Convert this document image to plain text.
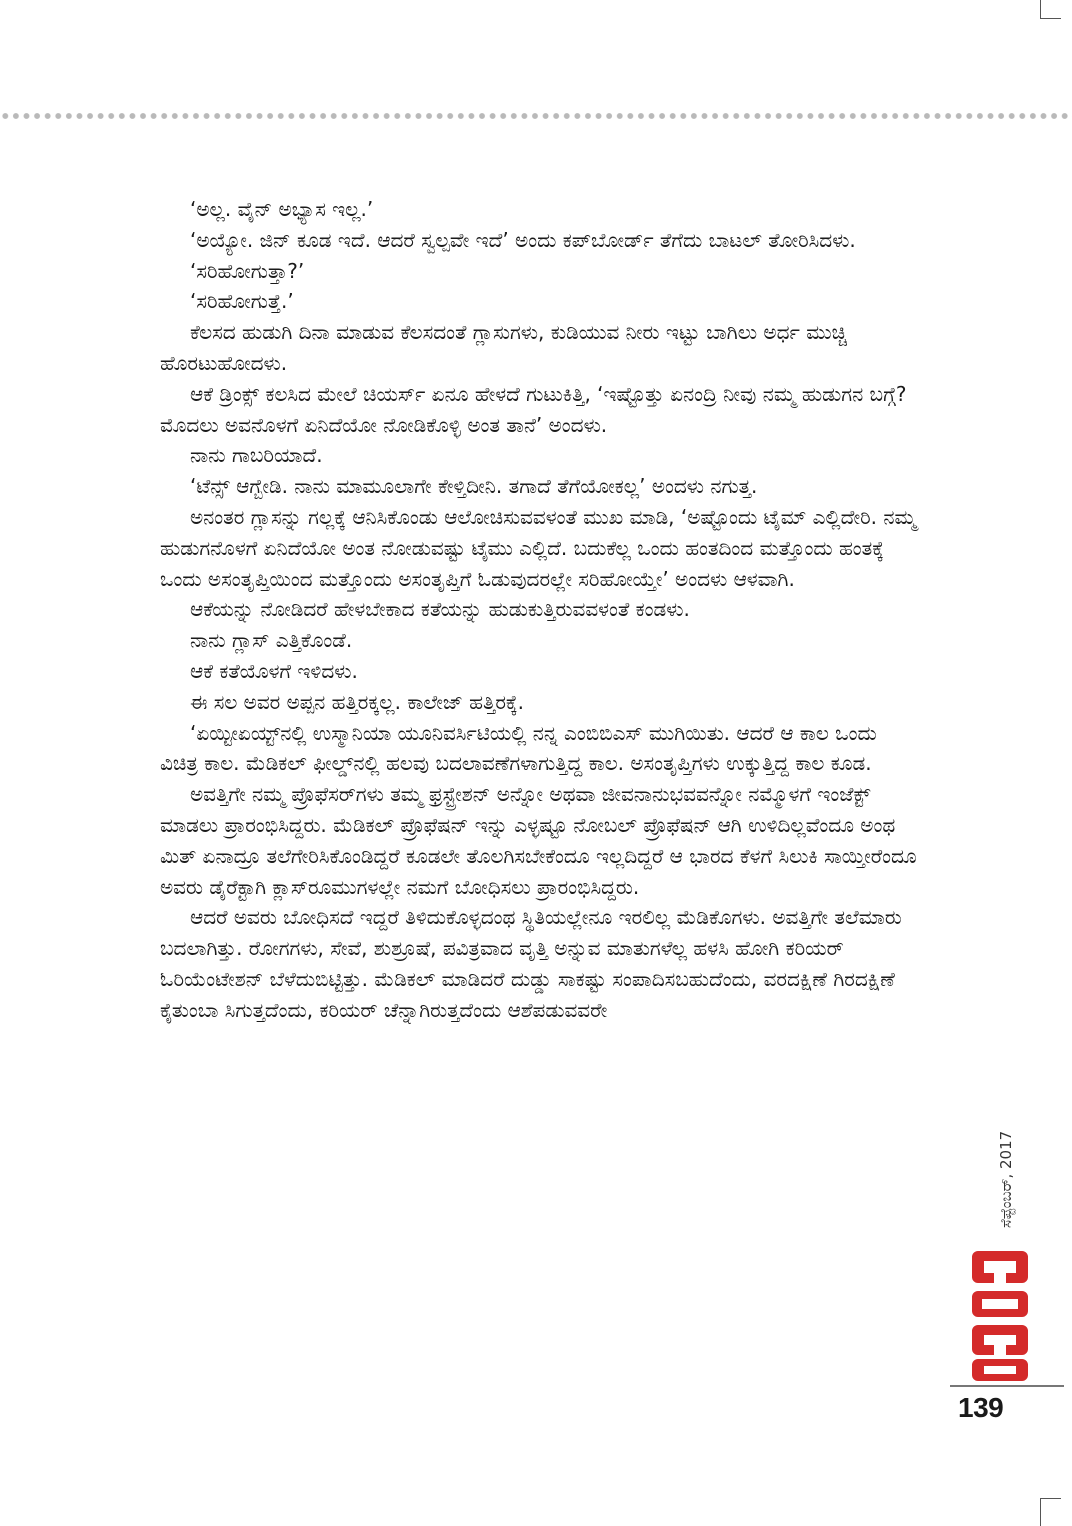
‘ಅಲ್ಲ. ವೈನ್ ಅಭ್ಯಾಸ ಇಲ್ಲ.’

‘ಅಯ್ಯೋ. ಜಿನ್ ಕೂಡ ಇದೆ. ಆದರೆ ಸ್ವಲ್ಪವೇ ಇದೆ’ ಅಂದು ಕಪ್‌ಬೋರ್ಡ್ ತೆಗೆದು ಬಾಟಲ್ ತೋರಿಸಿದಳು.

‘ಸರಿಹೋಗುತ್ತಾ?’

‘ಸರಿಹೋಗುತ್ತೆ.’

ಕೆಲಸದ ಹುಡುಗಿ ದಿನಾ ಮಾಡುವ ಕೆಲಸದಂತೆ ಗ್ಲಾಸುಗಳು, ಕುಡಿಯುವ ನೀರು ಇಟ್ಟು ಬಾಗಿಲು ಅರ್ಧ ಮುಚ್ಚಿ ಹೊರಟುಹೋದಳು.

ಆಕೆ ಡ್ರಿಂಕ್ಸ್ ಕಲಸಿದ ಮೇಲೆ ಚಿಯರ್ಸ್ ಏನೂ ಹೇಳದೆ ಗುಟುಕಿತ್ತಿ, ‘ಇಷ್ಟೊತ್ತು ಏನಂದ್ರಿ ನೀವು ನಮ್ಮ ಹುಡುಗನ ಬಗ್ಗೆ? ಮೊದಲು ಅವನೊಳಗೆ ಏನಿದೆಯೋ ನೋಡಿಕೊಳ್ಳಿ ಅಂತ ತಾನೆ’ ಅಂದಳು.

ನಾನು ಗಾಬರಿಯಾದೆ.

‘ಟೆನ್ಸ್ ಆಗ್ಬೇಡಿ. ನಾನು ಮಾಮೂಲಾಗೇ ಕೇಳ್ತಿದೀನಿ. ತಗಾದೆ ತೆಗೆಯೋಕಲ್ಲ’ ಅಂದಳು ನಗುತ್ತ.

ಅನಂತರ ಗ್ಲಾಸನ್ನು ಗಲ್ಲಕ್ಕೆ ಆನಿಸಿಕೊಂಡು ಆಲೋಚಿಸುವವಳಂತೆ ಮುಖ ಮಾಡಿ, ‘ಅಷ್ಟೊಂದು ಟೈಮ್ ಎಲ್ಲಿದೇರಿ. ನಮ್ಮ ಹುಡುಗನೊಳಗೆ ಏನಿದೆಯೋ ಅಂತ ನೋಡುವಷ್ಟು ಟೈಮು ಎಲ್ಲಿದೆ. ಬದುಕೆಲ್ಲ ಒಂದು ಹಂತದಿಂದ ಮತ್ತೊಂದು ಹಂತಕ್ಕೆ ಒಂದು ಅಸಂತೃಪ್ತಿಯಿಂದ ಮತ್ತೊಂದು ಅಸಂತೃಪ್ತಿಗೆ ಓಡುವುದರಲ್ಲೇ ಸರಿಹೋಯ್ತೇ’ ಅಂದಳು ಆಳವಾಗಿ.

ಆಕೆಯನ್ನು ನೋಡಿದರೆ ಹೇಳಬೇಕಾದ ಕತೆಯನ್ನು ಹುಡುಕುತ್ತಿರುವವಳಂತೆ ಕಂಡಳು.

ನಾನು ಗ್ಲಾಸ್ ಎತ್ತಿಕೊಂಡೆ.

ಆಕೆ ಕತೆಯೊಳಗೆ ಇಳಿದಳು.

ಈ ಸಲ ಅವರ ಅಪ್ಪನ ಹತ್ತಿರಕ್ಕಲ್ಲ. ಕಾಲೇಜ್ ಹತ್ತಿರಕ್ಕೆ.

‘ಏಯ್ಟೀಏಯ್ಟ್‌ನಲ್ಲಿ ಉಸ್ಮಾನಿಯಾ ಯೂನಿವರ್ಸಿಟಿಯಲ್ಲಿ ನನ್ನ ಎಂಬಿಬಿಎಸ್ ಮುಗಿಯಿತು. ಆದರೆ ಆ ಕಾಲ ಒಂದು ವಿಚಿತ್ರ ಕಾಲ. ಮೆಡಿಕಲ್ ಫೀಲ್ಡ್‌ನಲ್ಲಿ ಹಲವು ಬದಲಾವಣೆಗಳಾಗುತ್ತಿದ್ದ ಕಾಲ. ಅಸಂತೃಪ್ತಿಗಳು ಉಕ್ಕುತ್ತಿದ್ದ ಕಾಲ ಕೂಡ.

ಅವತ್ತಿಗೇ ನಮ್ಮ ಪ್ರೊಫೆಸರ್‌ಗಳು ತಮ್ಮ ಫ್ರಸ್ಟ್ರೇಶನ್ ಅನ್ನೋ ಅಥವಾ ಜೀವನಾನುಭವವನ್ನೋ ನಮ್ಮೊಳಗೆ ಇಂಜೆಕ್ಟ್ ಮಾಡಲು ಪ್ರಾರಂಭಿಸಿದ್ದರು. ಮೆಡಿಕಲ್ ಪ್ರೊಫೆಷನ್ ಇನ್ನು ಎಳ್ಳಷ್ಟೂ ನೋಬಲ್ ಪ್ರೊಫೆಷನ್ ಆಗಿ ಉಳಿದಿಲ್ಲವೆಂದೂ ಅಂಥ ಮಿತ್ ಏನಾದ್ರೂ ತಲೆಗೇರಿಸಿಕೊಂಡಿದ್ದರೆ ಕೂಡಲೇ ತೊಲಗಿಸಬೇಕೆಂದೂ ಇಲ್ಲದಿದ್ದರೆ ಆ ಭಾರದ ಕೆಳಗೆ ಸಿಲುಕಿ ಸಾಯ್ತೀರೆಂದೂ ಅವರು ಡೈರೆಕ್ಟಾಗಿ ಕ್ಲಾಸ್‌ರೂಮುಗಳಲ್ಲೇ ನಮಗೆ ಬೋಧಿಸಲು ಪ್ರಾರಂಭಿಸಿದ್ದರು.

ಆದರೆ ಅವರು ಬೋಧಿಸದೆ ಇದ್ದರೆ ತಿಳಿದುಕೊಳ್ಳದಂಥ ಸ್ಥಿತಿಯಲ್ಲೇನೂ ಇರಲಿಲ್ಲ ಮೆಡಿಕೊಗಳು. ಅವತ್ತಿಗೇ ತಲೆಮಾರು ಬದಲಾಗಿತ್ತು. ರೋಗಗಳು, ಸೇವೆ, ಶುಶ್ರೂಷೆ, ಪವಿತ್ರವಾದ ವೃತ್ತಿ ಅನ್ನುವ ಮಾತುಗಳೆಲ್ಲ ಹಳಸಿ ಹೋಗಿ ಕರಿಯರ್ ಓರಿಯೆಂಟೇಶನ್ ಬೆಳೆದುಬಿಟ್ಟಿತ್ತು. ಮೆಡಿಕಲ್ ಮಾಡಿದರೆ ದುಡ್ಡು ಸಾಕಷ್ಟು ಸಂಪಾದಿಸಬಹುದೆಂದು, ವರದಕ್ಷಿಣೆ ಗಿರದಕ್ಷಿಣೆ ಕೈತುಂಬಾ ಸಿಗುತ್ತದೆಂದು, ಕರಿಯರ್ ಚೆನ್ನಾಗಿರುತ್ತದೆಂದು ಆಶೆಪಡುವವರೇ

ಸೆಪ್ಟೆಂಬರ್, 2017
139
